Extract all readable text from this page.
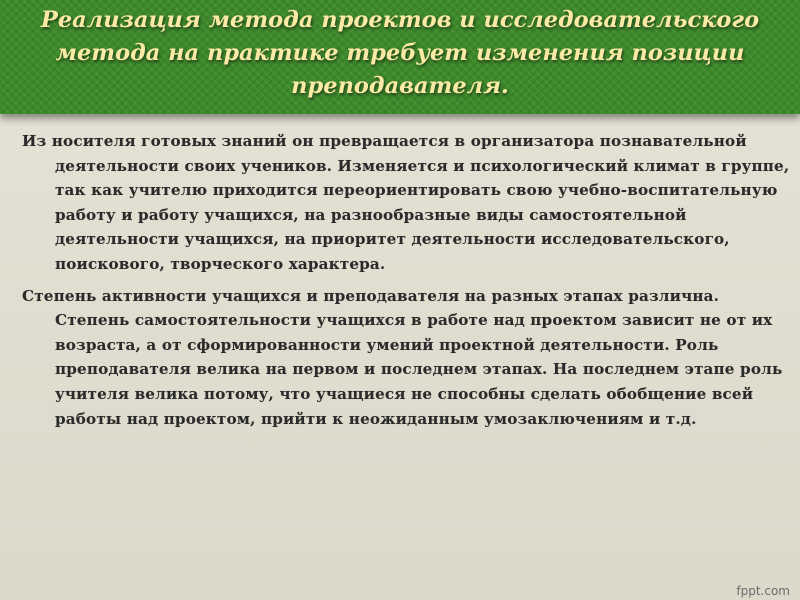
Реализация метода проектов и исследовательского метода на практике требует изменения позиции преподавателя.

Из носителя готовых знаний он превращается в организатора познавательной деятельности своих учеников. Изменяется и психологический климат в группе, так как учителю приходится переориентировать свою учебно-воспитательную работу и работу учащихся, на разнообразные виды самостоятельной деятельности учащихся, на приоритет деятельности исследовательского, поискового, творческого характера.

Степень активности учащихся и преподавателя на разных этапах различна. Степень самостоятельности учащихся в работе над проектом зависит не от их возраста, а от сформированности умений проектной деятельности. Роль преподавателя велика на первом и последнем этапах. На последнем этапе роль учителя велика потому, что учащиеся не способны сделать обобщение всей работы над проектом, прийти к неожиданным умозаключениям и т.д.

fppt.com
